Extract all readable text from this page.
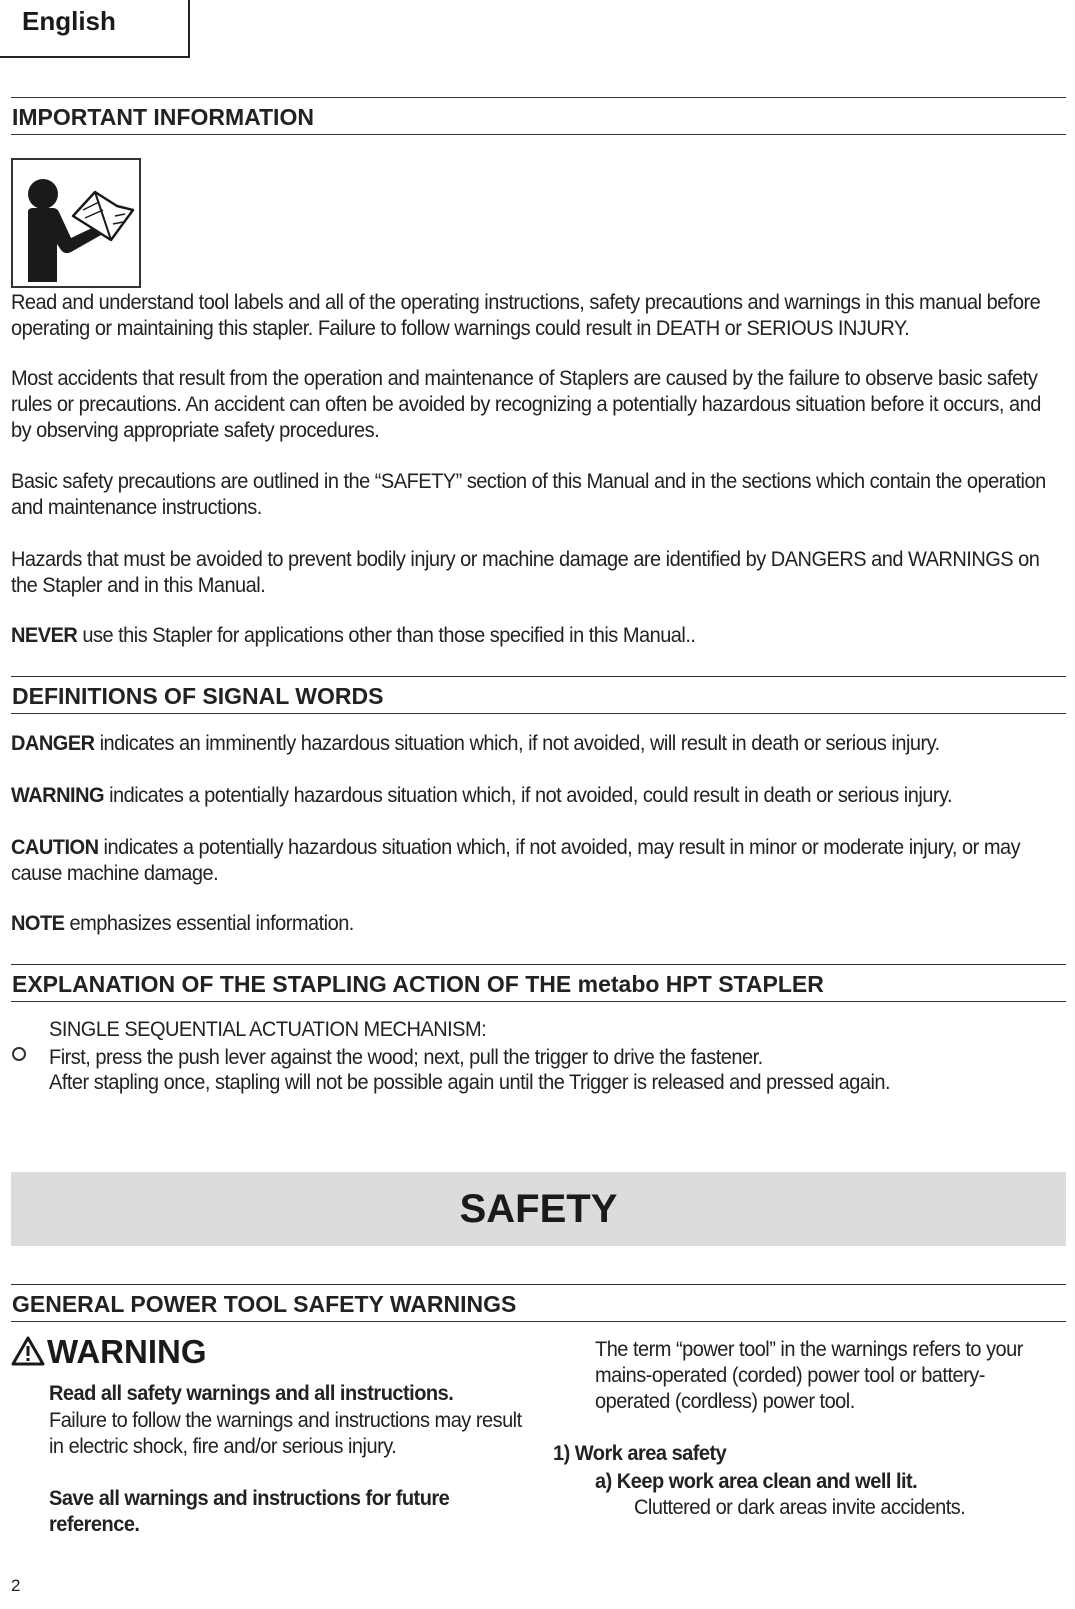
English
IMPORTANT INFORMATION
Read and understand tool labels and all of the operating instructions, safety precautions and warnings in this manual before operating or maintaining this stapler. Failure to follow warnings could result in DEATH or SERIOUS INJURY.
Most accidents that result from the operation and maintenance of Staplers are caused by the failure to observe basic safety rules or precautions. An accident can often be avoided by recognizing a potentially hazardous situation before it occurs, and by observing appropriate safety procedures.
Basic safety precautions are outlined in the “SAFETY” section of this Manual and in the sections which contain the operation and maintenance instructions.
Hazards that must be avoided to prevent bodily injury or machine damage are identified by DANGERS and WARNINGS on the Stapler and in this Manual.
NEVER use this Stapler for applications other than those specified in this Manual..
DEFINITIONS OF SIGNAL WORDS
DANGER indicates an imminently hazardous situation which, if not avoided, will result in death or serious injury.
WARNING indicates a potentially hazardous situation which, if not avoided, could result in death or serious injury.
CAUTION indicates a potentially hazardous situation which, if not avoided, may result in minor or moderate injury, or may cause machine damage.
NOTE emphasizes essential information.
EXPLANATION OF THE STAPLING ACTION OF THE metabo HPT STAPLER
SINGLE SEQUENTIAL ACTUATION MECHANISM:
First, press the push lever against the wood; next, pull the trigger to drive the fastener.
After stapling once, stapling will not be possible again until the Trigger is released and pressed again.
SAFETY
GENERAL POWER TOOL SAFETY WARNINGS
WARNING
Read all safety warnings and all instructions.
Failure to follow the warnings and instructions may result in electric shock, fire and/or serious injury.
Save all warnings and instructions for future reference.
The term “power tool” in the warnings refers to your mains-operated (corded) power tool or battery-operated (cordless) power tool.
1) Work area safety
a) Keep work area clean and well lit.
Cluttered or dark areas invite accidents.
2
